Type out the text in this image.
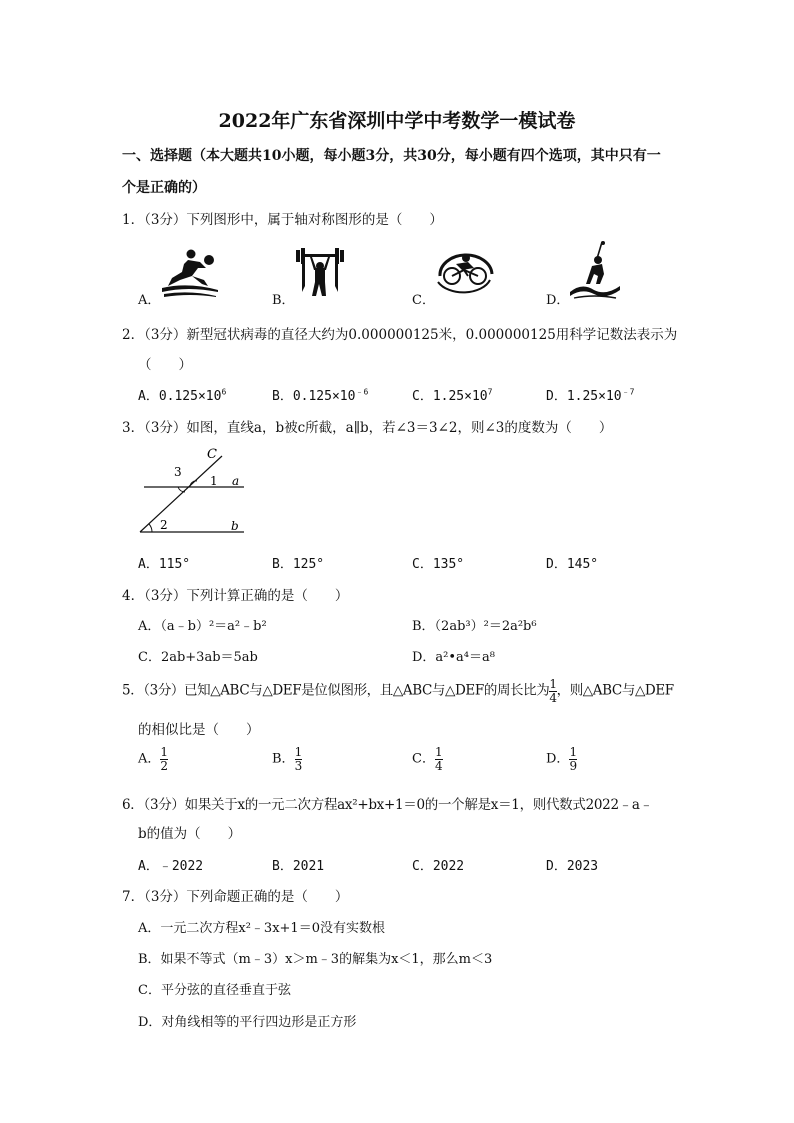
2022年广东省深圳中学中考数学一模试卷
一、选择题（本大题共10小题，每小题3分，共30分，每小题有四个选项，其中只有一
个是正确的）
1．（3分）下列图形中，属于轴对称图形的是（　　）
A．	B．	C．	D．
2．（3分）新型冠状病毒的直径大约为0.000000125米，0.000000125用科学记数法表示为
（　　）
A．$0.125\times 10^6$	B．$0.125\times 10^{﹣6}$	C．$1.25\times 10^7$	D．$1.25\times 10^{﹣7}$
3．（3分）如图，直线a，b被c所截，a∥b，若∠3＝3∠2，则∠3的度数为（　　）
C
3
1 a
2	b
A．115°	B．125°	C．135°	D．145°
4．（3分）下列计算正确的是（　　）
A．（a﹣b）²＝a²﹣b²	B．（2ab³）²＝2a²b⁶
C．2ab+3ab＝5ab	D．a²•a⁴＝a⁸
5．（3分）已知△ABC与△DEF是位似图形，且△ABC与△DEF的周长比为 $\frac{1}{4}$ ，则△ABC与△DEF
的相似比是（　　）
A． $\frac{1}{2}$	B． $\frac{1}{3}$	C． $\frac{1}{4}$	D． $\frac{1}{9}$
6．（3分）如果关于x的一元二次方程ax²+bx+1＝0的一个解是x＝1，则代数式2022﹣a﹣
b的值为（　　）
A．﹣2022	B．2021	C．2022	D．2023
7．（3分）下列命题正确的是（　　）
A．一元二次方程x²﹣3x+1＝0没有实数根
B．如果不等式（m﹣3）x＞m﹣3的解集为x＜1，那么m＜3
C．平分弦的直径垂直于弦
D．对角线相等的平行四边形是正方形
